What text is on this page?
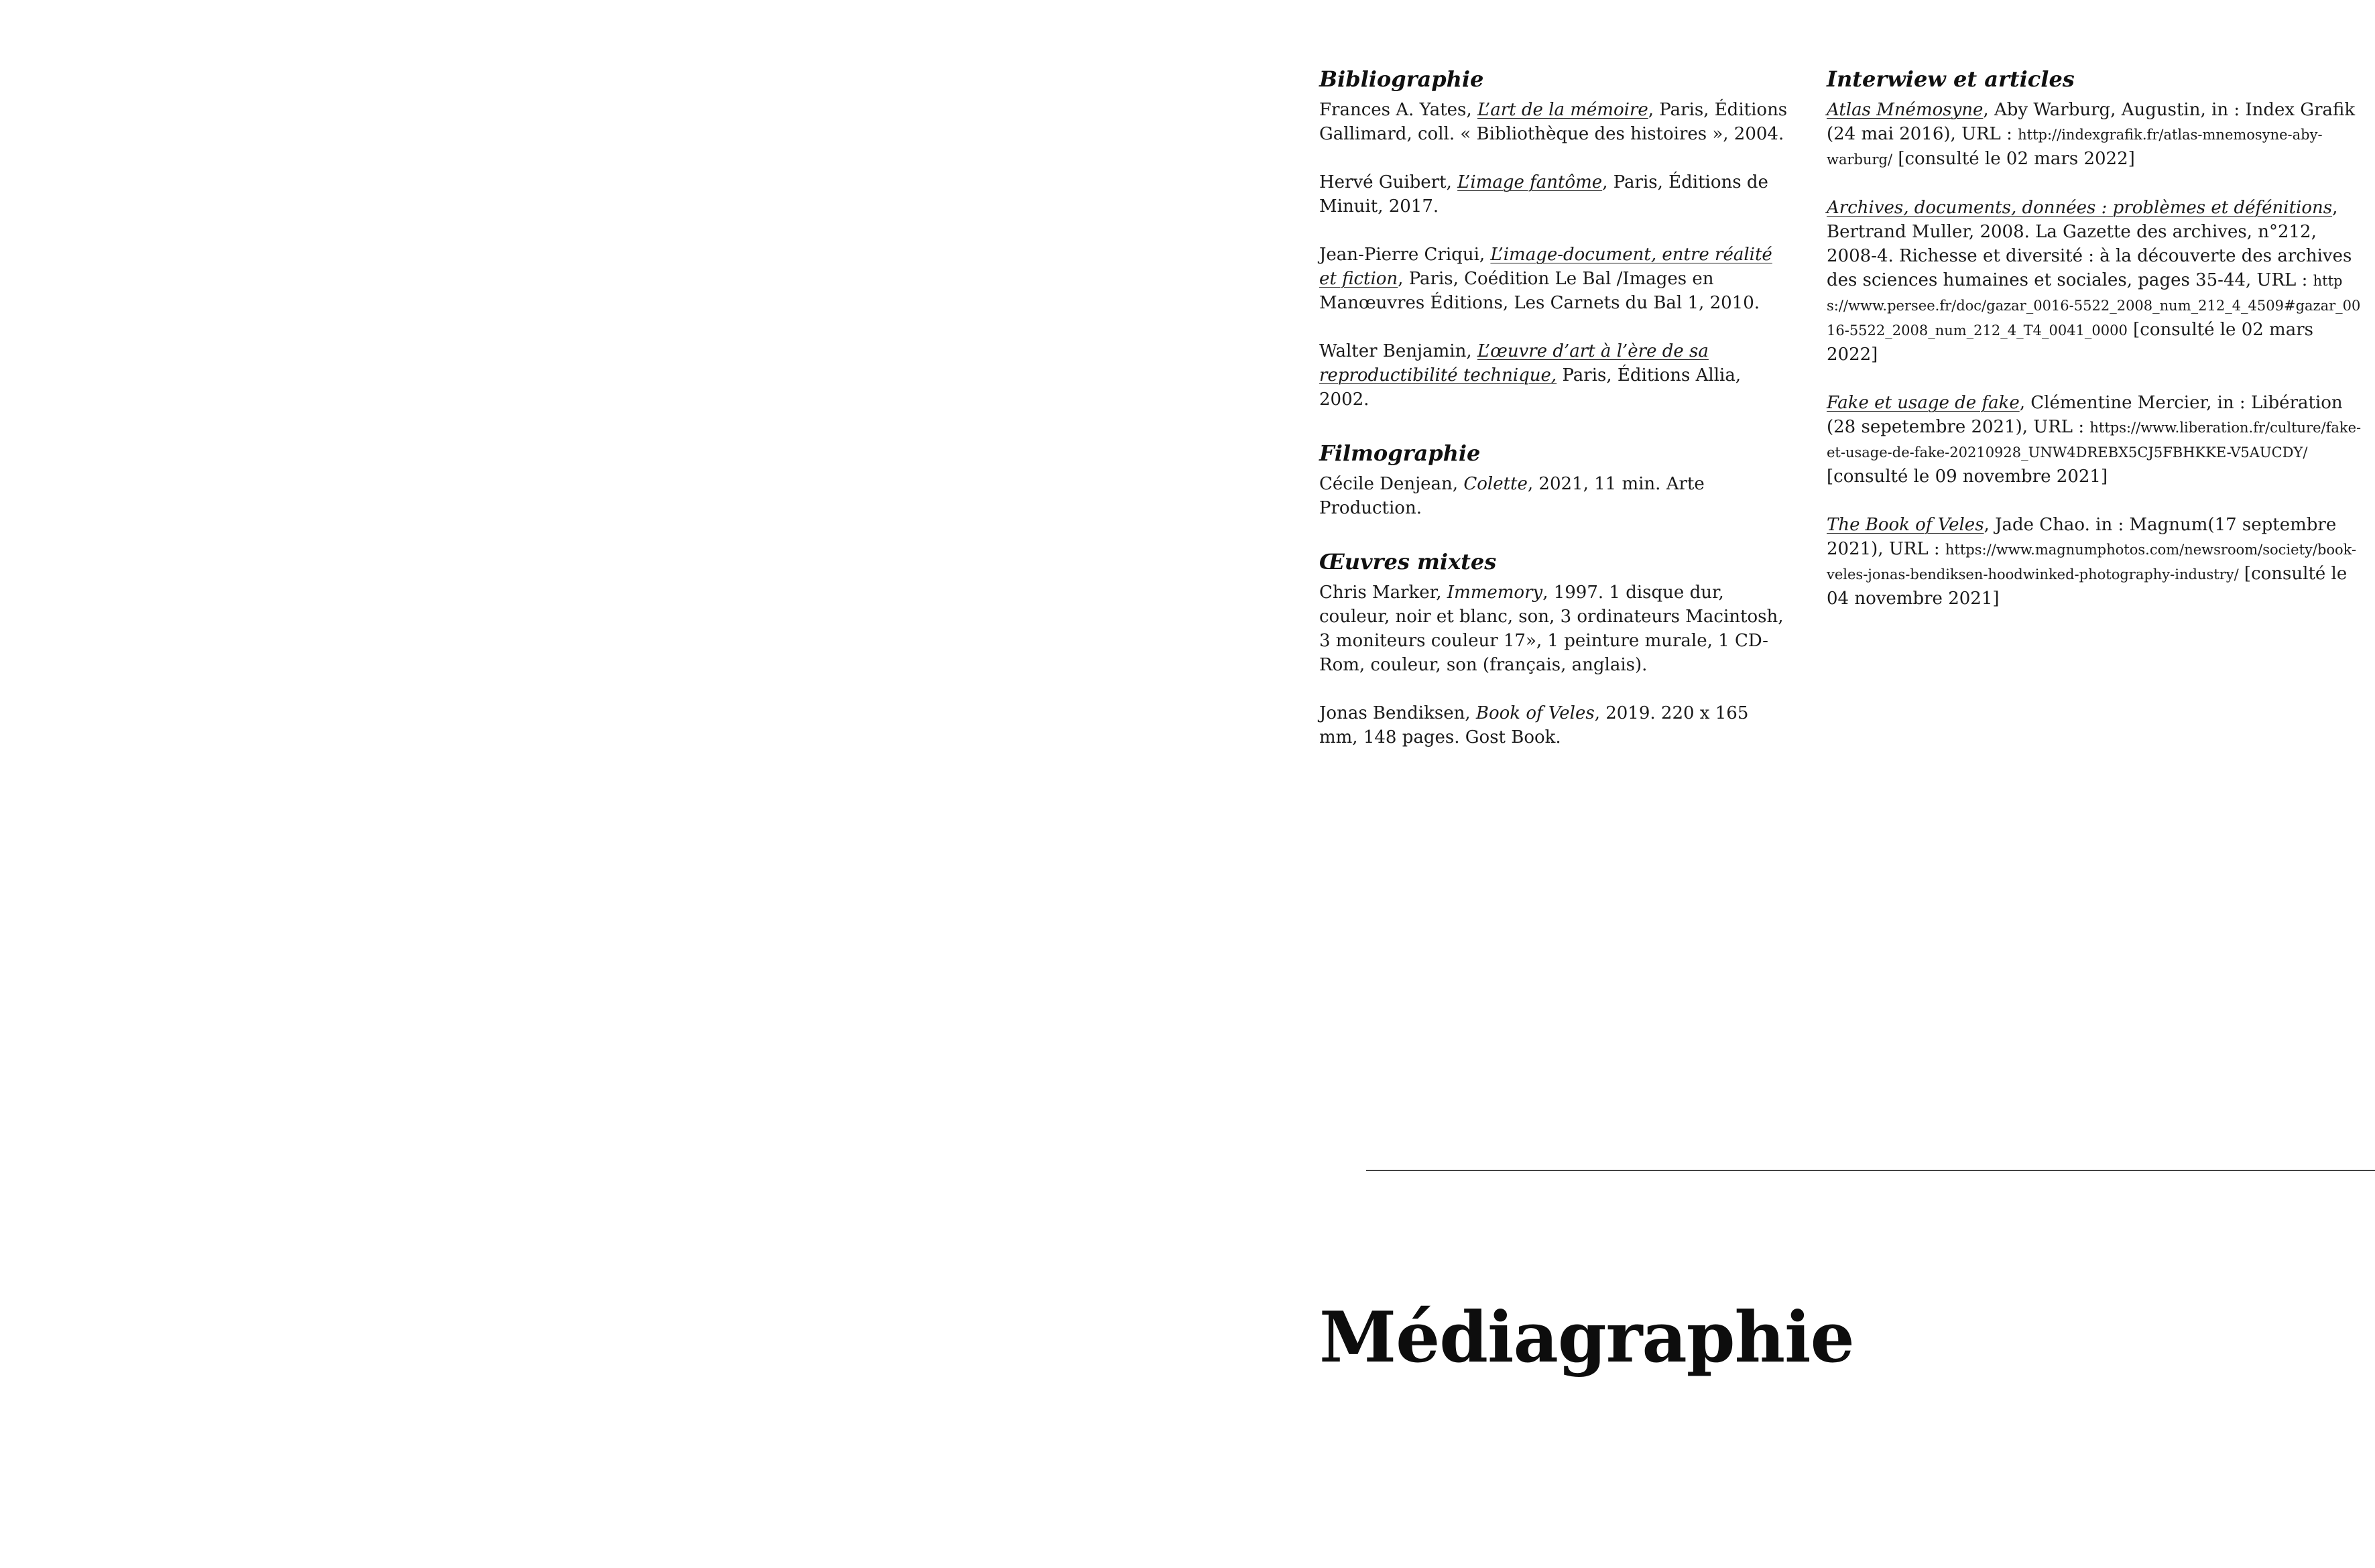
Bibliographie

Frances A. Yates, L’art de la mémoire, Paris, Éditions Gallimard, coll. « Bibliothèque des histoires », 2004.

Hervé Guibert, L’image fantôme, Paris, Éditions de Minuit, 2017.

Jean-Pierre Criqui, L’image-document, entre réalité et fiction, Paris, Coédition Le Bal /Images en Manœuvres Éditions, Les Carnets du Bal 1, 2010.

Walter Benjamin, L’œuvre d’art à l’ère de sa reproductibilité technique, Paris, Éditions Allia, 2002.

Filmographie

Cécile Denjean, Colette, 2021, 11 min. Arte Production.

Œuvres mixtes

Chris Marker, Immemory, 1997. 1 disque dur, couleur, noir et blanc, son, 3 ordinateurs Macintosh, 3 moniteurs couleur 17», 1 peinture murale, 1 CD-Rom, couleur, son (français, anglais).

Jonas Bendiksen, Book of Veles, 2019. 220 x 165 mm, 148 pages. Gost Book.

Interwiew et articles

Atlas Mnémosyne, Aby Warburg, Augustin, in : Index Grafik (24 mai 2016), URL : http://indexgrafik.fr/atlas-mnemosyne-aby-warburg/ [consulté le 02 mars 2022]

Archives, documents, données : problèmes et défénitions, Bertrand Muller, 2008. La Gazette des archives, n°212, 2008-4. Richesse et diversité : à la découverte des archives des sciences humaines et sociales, pages 35-44, URL : https://www.persee.fr/doc/gazar_0016-5522_2008_num_212_4_4509#gazar_0016-5522_2008_num_212_4_T4_0041_0000 [consulté le 02 mars 2022]

Fake et usage de fake, Clémentine Mercier, in : Libération (28 sepetembre 2021), URL : https://www.liberation.fr/culture/fake-et-usage-de-fake-20210928_UNW4DREBX5CJ5FBHKKE-V5AUCDY/ [consulté le 09 novembre 2021]

The Book of Veles, Jade Chao. in : Magnum(17 septembre 2021), URL : https://www.magnumphotos.com/newsroom/society/book-veles-jonas-bendiksen-hoodwinked-photography-industry/ [consulté le 04 novembre 2021]

Médiagraphie
